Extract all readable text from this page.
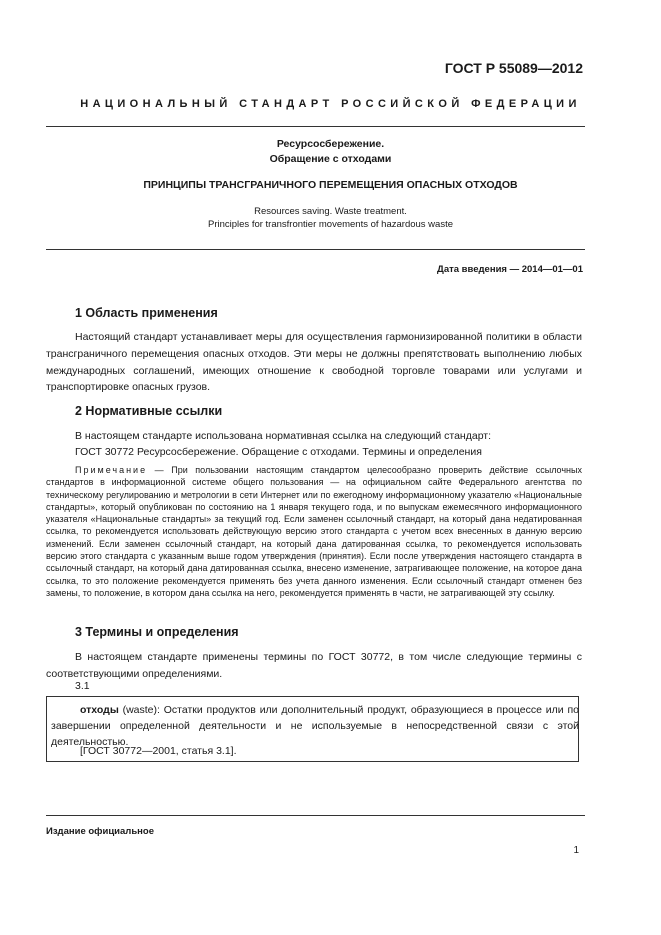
ГОСТ Р 55089—2012
НАЦИОНАЛЬНЫЙ СТАНДАРТ РОССИЙСКОЙ ФЕДЕРАЦИИ
Ресурсосбережение.
Обращение с отходами
ПРИНЦИПЫ ТРАНСГРАНИЧНОГО ПЕРЕМЕЩЕНИЯ ОПАСНЫХ ОТХОДОВ
Resources saving. Waste treatment.
Principles for transfrontier movements of hazardous waste
Дата введения — 2014—01—01
1 Область применения

Настоящий стандарт устанавливает меры для осуществления гармонизированной политики в области трансграничного перемещения опасных отходов. Эти меры не должны препятствовать выполнению любых международных соглашений, имеющих отношение к свободной торговле товарами или услугами и транспортировке опасных грузов.

2 Нормативные ссылки

В настоящем стандарте использована нормативная ссылка на следующий стандарт:

ГОСТ 30772 Ресурсосбережение. Обращение с отходами. Термины и определения

Примечание — При пользовании настоящим стандартом целесообразно проверить действие ссылочных стандартов в информационной системе общего пользования — на официальном сайте Федерального агентства по техническому регулированию и метрологии в сети Интернет или по ежегодному информационному указателю «Национальные стандарты», который опубликован по состоянию на 1 января текущего года, и по выпускам ежемесячного информационного указателя «Национальные стандарты» за текущий год. Если заменен ссылочный стандарт, на который дана недатированная ссылка, то рекомендуется использовать действующую версию этого стандарта с учетом всех внесенных в данную версию изменений. Если заменен ссылочный стандарт, на который дана датированная ссылка, то рекомендуется использовать версию этого стандарта с указанным выше годом утверждения (принятия). Если после утверждения настоящего стандарта в ссылочный стандарт, на который дана датированная ссылка, внесено изменение, затрагивающее положение, на которое дана ссылка, то это положение рекомендуется применять без учета данного изменения. Если ссылочный стандарт отменен без замены, то положение, в котором дана ссылка на него, рекомендуется применять в части, не затрагивающей эту ссылку.

3 Термины и определения

В настоящем стандарте применены термины по ГОСТ 30772, в том числе следующие термины с соответствующими определениями.

3.1

отходы (waste): Остатки продуктов или дополнительный продукт, образующиеся в процессе или по завершении определенной деятельности и не используемые в непосредственной связи с этой деятельностью.

[ГОСТ 30772—2001, статья 3.1].

Издание официальное
1
